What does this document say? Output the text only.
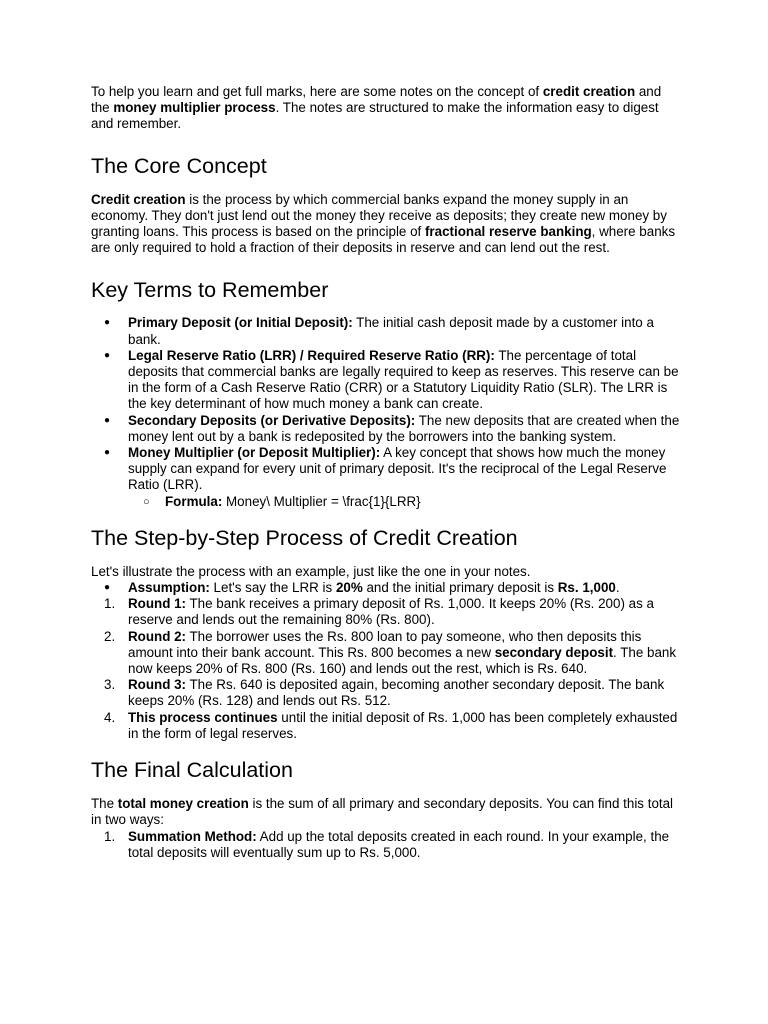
To help you learn and get full marks, here are some notes on the concept of credit creation and the money multiplier process. The notes are structured to make the information easy to digest and remember.

The Core Concept

Credit creation is the process by which commercial banks expand the money supply in an economy. They don't just lend out the money they receive as deposits; they create new money by granting loans. This process is based on the principle of fractional reserve banking, where banks are only required to hold a fraction of their deposits in reserve and can lend out the rest.

Key Terms to Remember
● Primary Deposit (or Initial Deposit): The initial cash deposit made by a customer into a bank.
● Legal Reserve Ratio (LRR) / Required Reserve Ratio (RR): The percentage of total deposits that commercial banks are legally required to keep as reserves. This reserve can be in the form of a Cash Reserve Ratio (CRR) or a Statutory Liquidity Ratio (SLR). The LRR is the key determinant of how much money a bank can create.
● Secondary Deposits (or Derivative Deposits): The new deposits that are created when the money lent out by a bank is redeposited by the borrowers into the banking system.
● Money Multiplier (or Deposit Multiplier): A key concept that shows how much the money supply can expand for every unit of primary deposit. It's the reciprocal of the Legal Reserve Ratio (LRR).
○ Formula: Money\ Multiplier = \frac{1}{LRR}
The Step-by-Step Process of Credit Creation

Let's illustrate the process with an example, just like the one in your notes.

● Assumption: Let's say the LRR is 20% and the initial primary deposit is Rs. 1,000.
1. Round 1: The bank receives a primary deposit of Rs. 1,000. It keeps 20% (Rs. 200) as a reserve and lends out the remaining 80% (Rs. 800).
2. Round 2: The borrower uses the Rs. 800 loan to pay someone, who then deposits this amount into their bank account. This Rs. 800 becomes a new secondary deposit. The bank now keeps 20% of Rs. 800 (Rs. 160) and lends out the rest, which is Rs. 640.
3. Round 3: The Rs. 640 is deposited again, becoming another secondary deposit. The bank keeps 20% (Rs. 128) and lends out Rs. 512.
4. This process continues until the initial deposit of Rs. 1,000 has been completely exhausted in the form of legal reserves.
The Final Calculation

The total money creation is the sum of all primary and secondary deposits. You can find this total in two ways:

1. Summation Method: Add up the total deposits created in each round. In your example, the total deposits will eventually sum up to Rs. 5,000.
